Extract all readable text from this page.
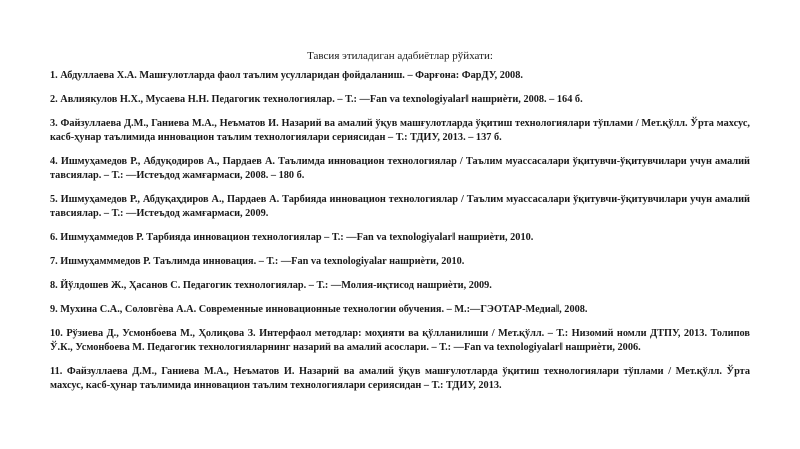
Тавсия этиладиган адабиётлар рўйхати:
1. Абдуллаева Х.А. Машғулотларда фаол таълим усулларидан фойдаланиш. – Фарғона: ФарДУ, 2008.
2. Авлиякулов Н.Х., Мусаева Н.Н. Педагогик технологиялар. – Т.: ―Fan va texnologiyalar‖ нашриѐти, 2008. – 164 б.
3. Файзуллаева Д.М., Ганиева М.А., Неъматов И. Назарий ва амалий ўқув машғулотларда ўқитиш технологиялари тўплами / Мет.қўлл. Ўрта махсус, касб-ҳунар таълимида инновацион таълим технологиялари сериясидан – Т.: ТДИУ, 2013. – 137 б.
4. Ишмуҳамедов Р., Абдуқодиров А., Пардаев А. Таълимда инновацион технологиялар / Таълим муассасалари ўқитувчи-ўқитувчилари учун амалий тавсиялар. – Т.: ―Истеъдод жамғармаси, 2008. – 180 б.
5. Ишмуҳамедов Р., Абдуқаҳдиров А., Пардаев А. Тарбияда инновацион технологиялар / Таълим муассасалари ўқитувчи-ўқитувчилари учун амалий тавсиялар. – Т.: ―Истеъдод жамғармаси, 2009.
6. Ишмуҳаммедов Р. Тарбияда инновацион технологиялар – Т.: ―Fan va texnologiyalar‖ нашриѐти, 2010.
7. Ишмуҳамммедов Р. Таълимда инновация. – Т.: ―Fan va texnologiyalar нашриѐти, 2010.
8. Йўлдошев Ж., Ҳасанов С. Педагогик технологиялар. – Т.: ―Молия-иқтисод нашриѐти, 2009.
9. Мухина С.А., Соловгѐва А.А. Современные инновационные технологии обучения. – М.:―ГЭОТАР-Медиа‖, 2008.
10. Рўзиева Д., Усмонбоева М., Ҳолиқова З. Интерфаол методлар: моҳияти ва қўлланилиши / Мет.қўлл. – Т.: Низомий номли ДТПУ, 2013. Толипов Ў.К., Усмонбоева М. Педагогик технологияларнинг назарий ва амалий асослари. – Т.: ―Fan va texnologiyalar‖ нашриѐти, 2006.
11. Файзуллаева Д.М., Ганиева М.А., Неъматов И. Назарий ва амалий ўқув машғулотларда ўқитиш технологиялари тўплами / Мет.қўлл. Ўрта махсус, касб-ҳунар таълимида инновацион таълим технологиялари сериясидан – Т.: ТДИУ, 2013.
